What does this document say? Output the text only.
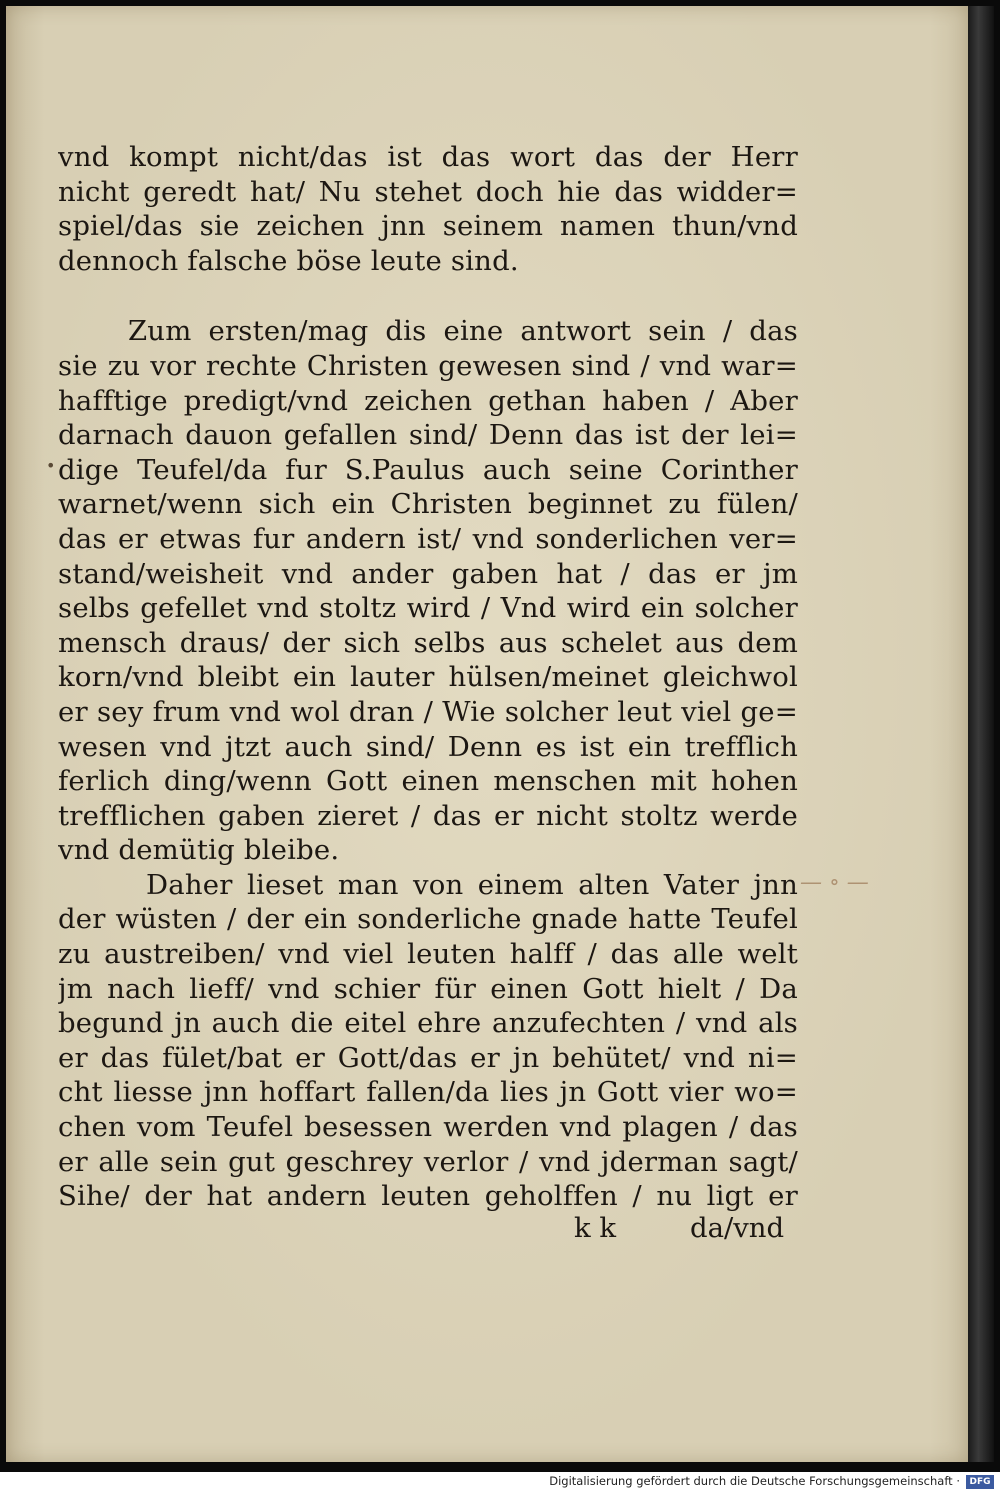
vnd kompt nicht/das ist das wort das der Herr
nicht geredt hat/ Nu stehet doch hie das widder=
spiel/das sie zeichen jnn seinem namen thun/vnd
dennoch falsche böse leute sind.
Zum ersten/mag dis eine antwort sein / das
sie zu vor rechte Christen gewesen sind / vnd war=
hafftige predigt/vnd zeichen gethan haben / Aber
darnach dauon gefallen sind/ Denn das ist der lei=
dige Teufel/da fur S.Paulus auch seine Corinther
warnet/wenn sich ein Christen beginnet zu fülen/
das er etwas fur andern ist/ vnd sonderlichen ver=
stand/weisheit vnd ander gaben hat / das er jm
selbs gefellet vnd stoltz wird / Vnd wird ein solcher
mensch draus/ der sich selbs aus schelet aus dem
korn/vnd bleibt ein lauter hülsen/meinet gleichwol
er sey frum vnd wol dran / Wie solcher leut viel ge=
wesen vnd jtzt auch sind/ Denn es ist ein trefflich
ferlich ding/wenn Gott einen menschen mit hohen
trefflichen gaben zieret / das er nicht stoltz werde
vnd demütig bleibe.
Daher lieset man von einem alten Vater jnn
der wüsten / der ein sonderliche gnade hatte Teufel
zu austreiben/ vnd viel leuten halff / das alle welt
jm nach lieff/ vnd schier für einen Gott hielt / Da
begund jn auch die eitel ehre anzufechten / vnd als
er das fület/bat er Gott/das er jn behütet/ vnd ni=
cht liesse jnn hoffart fallen/da lies jn Gott vier wo=
chen vom Teufel besessen werden vnd plagen / das
er alle sein gut geschrey verlor / vnd jderman sagt/
Sihe/ der hat andern leuten geholffen / nu ligt er
•
— ∘ —
k k	da/vnd
Digitalisierung gefördert durch die Deutsche Forschungsgemeinschaft ·	DFG
